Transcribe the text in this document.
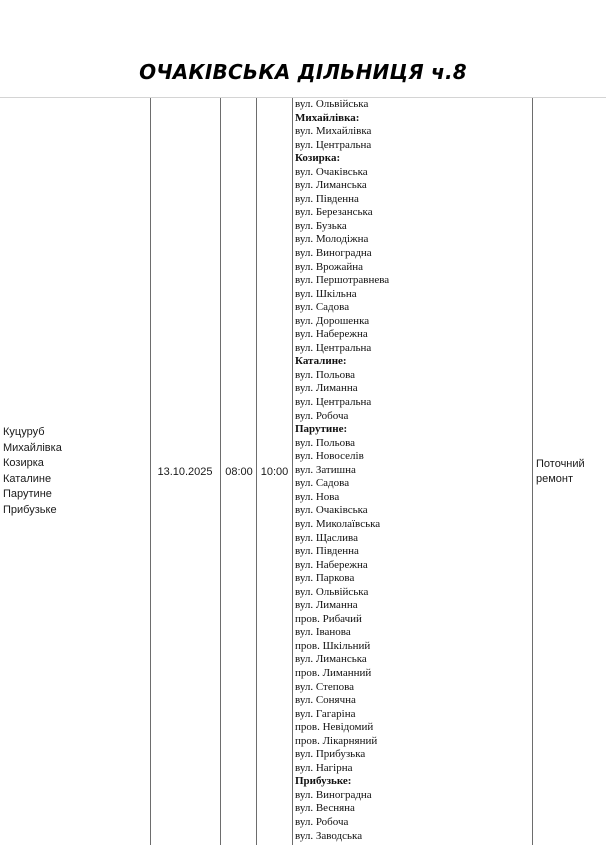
ОЧАКІВСЬКА ДІЛЬНИЦЯ ч.8
Куцуруб
Михайлівка
Козирка
Каталине
Парутине
Прибузьке
13.10.2025 08:00 10:00
вул. Ольвійська
Михайлівка:
вул. Михайлівка
вул. Центральна
Козирка:
вул. Очаківська
вул. Лиманська
вул. Південна
вул. Березанська
вул. Бузька
вул. Молодіжна
вул. Виноградна
вул. Врожайна
вул. Першотравнева
вул. Шкільна
вул. Садова
вул. Дорошенка
вул. Набережна
вул. Центральна
Каталине:
вул. Польова
вул. Лиманна
вул. Центральна
вул. Робоча
Парутине:
вул. Польова
вул. Новоселів
вул. Затишна
вул. Садова
вул. Нова
вул. Очаківська
вул. Миколаївська
вул. Щаслива
вул. Південна
вул. Набережна
вул. Паркова
вул. Ольвійська
вул. Лиманна
пров. Рибачий
вул. Іванова
пров. Шкільний
вул. Лиманська
пров. Лиманний
вул. Степова
вул. Сонячна
вул. Гагаріна
пров. Невідомий
пров. Лікарняний
вул. Прибузька
вул. Нагірна
Прибузьке:
вул. Виноградна
вул. Весняна
вул. Робоча
вул. Заводська
Поточний
ремонт
